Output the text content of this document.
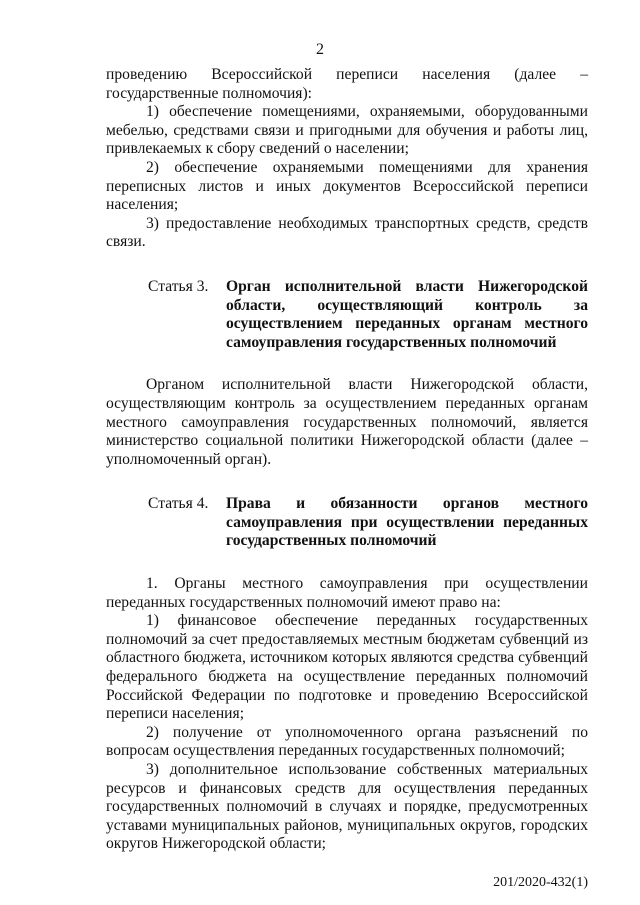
2

проведению Всероссийской переписи населения (далее – государственные полномочия):

1) обеспечение помещениями, охраняемыми, оборудованными мебелью, средствами связи и пригодными для обучения и работы лиц, привлекаемых к сбору сведений о населении;

2) обеспечение охраняемыми помещениями для хранения переписных листов и иных документов Всероссийской переписи населения;

3) предоставление необходимых транспортных средств, средств связи.

Статья 3.	Орган исполнительной власти Нижегородской области, осуществляющий контроль за осуществлением переданных органам местного самоуправления государственных полномочий

Органом исполнительной власти Нижегородской области, осуществляющим контроль за осуществлением переданных органам местного самоуправления государственных полномочий, является министерство социальной политики Нижегородской области (далее – уполномоченный орган).

Статья 4.	Права и обязанности органов местного самоуправления при осуществлении переданных государственных полномочий

1. Органы местного самоуправления при осуществлении переданных государственных полномочий имеют право на:

1) финансовое обеспечение переданных государственных полномочий за счет предоставляемых местным бюджетам субвенций из областного бюджета, источником которых являются средства субвенций федерального бюджета на осуществление переданных полномочий Российской Федерации по подготовке и проведению Всероссийской переписи населения;

2) получение от уполномоченного органа разъяснений по вопросам осуществления переданных государственных полномочий;

3) дополнительное использование собственных материальных ресурсов и финансовых средств для осуществления переданных государственных полномочий в случаях и порядке, предусмотренных уставами муниципальных районов, муниципальных округов, городских округов Нижегородской области;

201/2020-432(1)
